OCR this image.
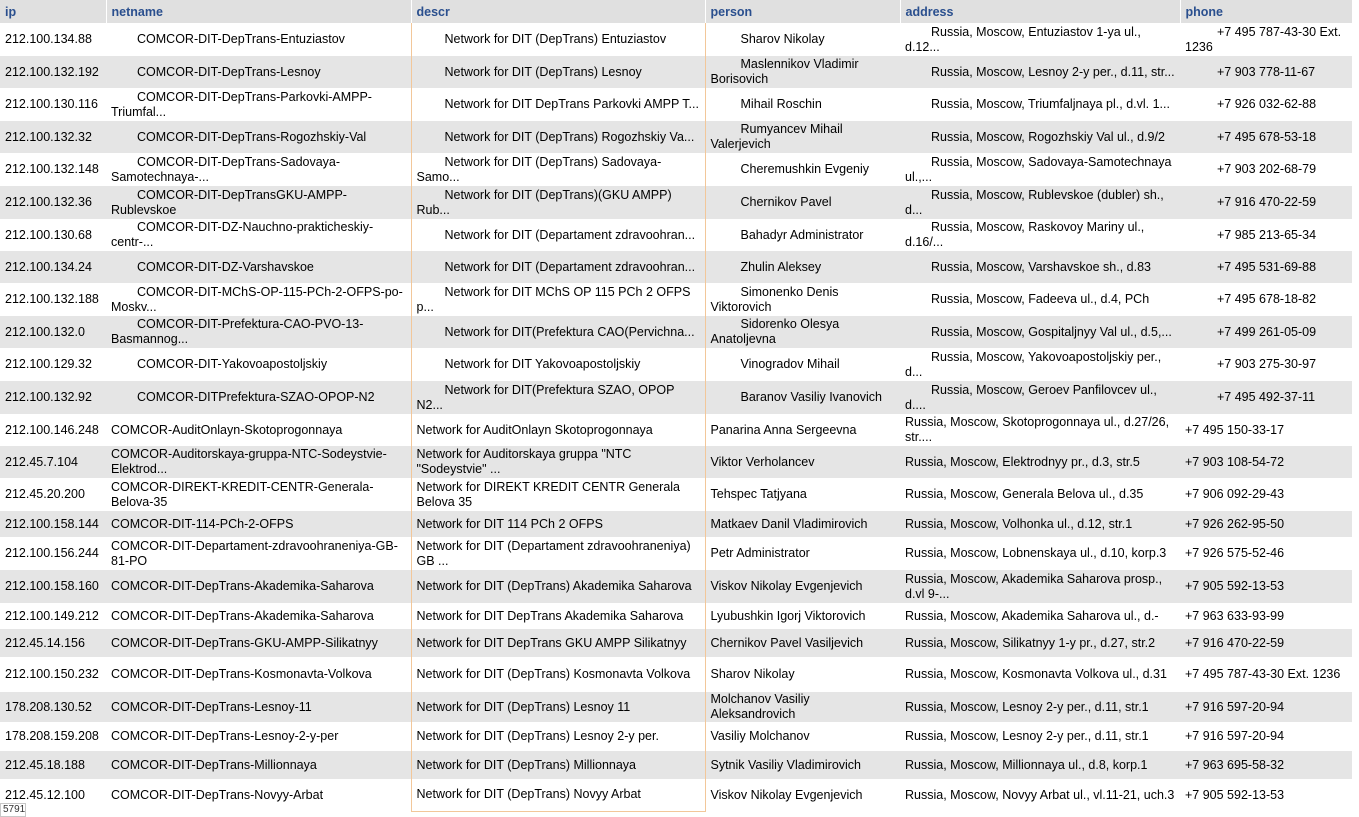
ip	netname	descr	person	address	phone
212.100.134.88	COMCOR-DIT-DepTrans-Entuziastov	Network for DIT (DepTrans) Entuziastov	Sharov Nikolay	Russia, Moscow, Entuziastov 1-ya ul., d.12...	+7 495 787-43-30 Ext. 1236
212.100.132.192	COMCOR-DIT-DepTrans-Lesnoy	Network for DIT (DepTrans) Lesnoy	Maslennikov Vladimir Borisovich	Russia, Moscow, Lesnoy 2-y per., d.11, str...	+7 903 778-11-67
212.100.130.116	COMCOR-DIT-DepTrans-Parkovki-AMPP-Triumfal...	Network for DIT DepTrans Parkovki AMPP T...	Mihail Roschin	Russia, Moscow, Triumfaljnaya pl., d.vl. 1...	+7 926 032-62-88
212.100.132.32	COMCOR-DIT-DepTrans-Rogozhskiy-Val	Network for DIT (DepTrans) Rogozhskiy Va...	Rumyancev Mihail Valerjevich	Russia, Moscow, Rogozhskiy Val ul., d.9/2	+7 495 678-53-18
212.100.132.148	COMCOR-DIT-DepTrans-Sadovaya-Samotechnaya-...	Network for DIT (DepTrans) Sadovaya-Samo...	Cheremushkin Evgeniy	Russia, Moscow, Sadovaya-Samotechnaya ul.,...	+7 903 202-68-79
212.100.132.36	COMCOR-DIT-DepTransGKU-AMPP-Rublevskoe	Network for DIT (DepTrans)(GKU AMPP) Rub...	Chernikov Pavel	Russia, Moscow, Rublevskoe (dubler) sh., d...	+7 916 470-22-59
212.100.130.68	COMCOR-DIT-DZ-Nauchno-prakticheskiy-centr-...	Network for DIT (Departament zdravoohran...	Bahadyr Administrator	Russia, Moscow, Raskovoy Mariny ul., d.16/...	+7 985 213-65-34
212.100.134.24	COMCOR-DIT-DZ-Varshavskoe	Network for DIT (Departament zdravoohran...	Zhulin Aleksey	Russia, Moscow, Varshavskoe sh., d.83	+7 495 531-69-88
212.100.132.188	COMCOR-DIT-MChS-OP-115-PCh-2-OFPS-po-Moskv...	Network for DIT MChS OP 115 PCh 2 OFPS p...	Simonenko Denis Viktorovich	Russia, Moscow, Fadeeva ul., d.4, PCh	+7 495 678-18-82
212.100.132.0	COMCOR-DIT-Prefektura-CAO-PVO-13-Basmannog...	Network for DIT(Prefektura CAO(Pervichna...	Sidorenko Olesya Anatoljevna	Russia, Moscow, Gospitaljnyy Val ul., d.5,...	+7 499 261-05-09
212.100.129.32	COMCOR-DIT-Yakovoapostoljskiy	Network for DIT Yakovoapostoljskiy	Vinogradov Mihail	Russia, Moscow, Yakovoapostoljskiy per., d...	+7 903 275-30-97
212.100.132.92	COMCOR-DITPrefektura-SZAO-OPOP-N2	Network for DIT(Prefektura SZAO, OPOP N2...	Baranov Vasiliy Ivanovich	Russia, Moscow, Geroev Panfilovcev ul., d....	+7 495 492-37-11
212.100.146.248	COMCOR-AuditOnlayn-Skotoprogonnaya	Network for AuditOnlayn Skotoprogonnaya	Panarina Anna Sergeevna	Russia, Moscow, Skotoprogonnaya ul., d.27/26, str....	+7 495 150-33-17
212.45.7.104	COMCOR-Auditorskaya-gruppa-NTC-Sodeystvie-Elektrod...	Network for Auditorskaya gruppa "NTC "Sodeystvie" ...	Viktor Verholancev	Russia, Moscow, Elektrodnyy pr., d.3, str.5	+7 903 108-54-72
212.45.20.200	COMCOR-DIREKT-KREDIT-CENTR-Generala-Belova-35	Network for DIREKT KREDIT CENTR Generala Belova 35	Tehspec Tatjyana	Russia, Moscow, Generala Belova ul., d.35	+7 906 092-29-43
212.100.158.144	COMCOR-DIT-114-PCh-2-OFPS	Network for DIT 114 PCh 2 OFPS	Matkaev Danil Vladimirovich	Russia, Moscow, Volhonka ul., d.12, str.1	+7 926 262-95-50
212.100.156.244	COMCOR-DIT-Departament-zdravoohraneniya-GB-81-PO	Network for DIT (Departament zdravoohraneniya) GB ...	Petr Administrator	Russia, Moscow, Lobnenskaya ul., d.10, korp.3	+7 926 575-52-46
212.100.158.160	COMCOR-DIT-DepTrans-Akademika-Saharova	Network for DIT (DepTrans) Akademika Saharova	Viskov Nikolay Evgenjevich	Russia, Moscow, Akademika Saharova prosp., d.vl 9-...	+7 905 592-13-53
212.100.149.212	COMCOR-DIT-DepTrans-Akademika-Saharova	Network for DIT DepTrans Akademika Saharova	Lyubushkin Igorj Viktorovich	Russia, Moscow, Akademika Saharova ul., d.-	+7 963 633-93-99
212.45.14.156	COMCOR-DIT-DepTrans-GKU-AMPP-Silikatnyy	Network for DIT DepTrans GKU AMPP Silikatnyy	Chernikov Pavel Vasiljevich	Russia, Moscow, Silikatnyy 1-y pr., d.27, str.2	+7 916 470-22-59
212.100.150.232	COMCOR-DIT-DepTrans-Kosmonavta-Volkova	Network for DIT (DepTrans) Kosmonavta Volkova	Sharov Nikolay	Russia, Moscow, Kosmonavta Volkova ul., d.31	+7 495 787-43-30 Ext. 1236
178.208.130.52	COMCOR-DIT-DepTrans-Lesnoy-11	Network for DIT (DepTrans) Lesnoy 11	Molchanov Vasiliy Aleksandrovich	Russia, Moscow, Lesnoy 2-y per., d.11, str.1	+7 916 597-20-94
178.208.159.208	COMCOR-DIT-DepTrans-Lesnoy-2-y-per	Network for DIT (DepTrans) Lesnoy 2-y per.	Vasiliy Molchanov	Russia, Moscow, Lesnoy 2-y per., d.11, str.1	+7 916 597-20-94
212.45.18.188	COMCOR-DIT-DepTrans-Millionnaya	Network for DIT (DepTrans) Millionnaya	Sytnik Vasiliy Vladimirovich	Russia, Moscow, Millionnaya ul., d.8, korp.1	+7 963 695-58-32
212.45.12.100	COMCOR-DIT-DepTrans-Novyy-Arbat	Network for DIT (DepTrans) Novyy Arbat	Viskov Nikolay Evgenjevich	Russia, Moscow, Novyy Arbat ul., vl.11-21, uch.3	+7 905 592-13-53
5791
